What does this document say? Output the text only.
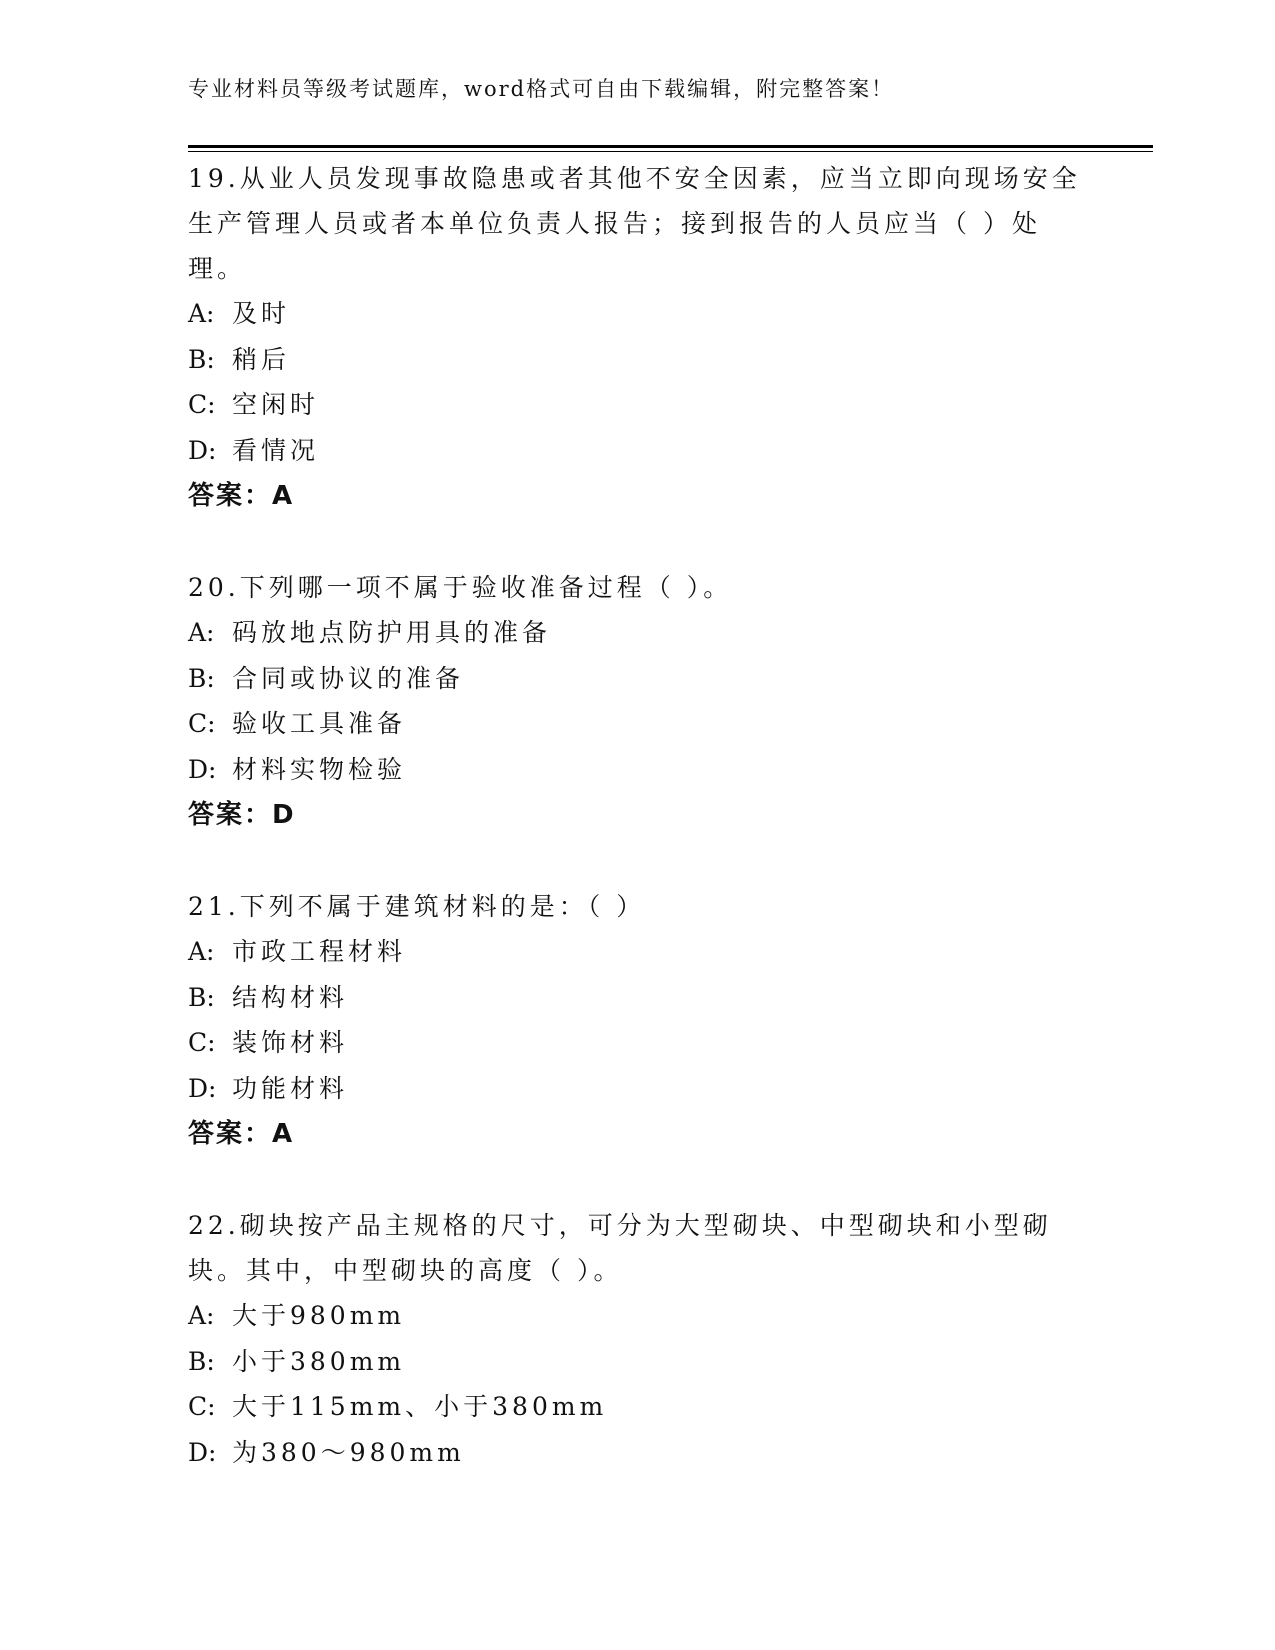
专业材料员等级考试题库，word格式可自由下载编辑，附完整答案！

19.从业人员发现事故隐患或者其他不安全因素，应当立即向现场安全生产管理人员或者本单位负责人报告；接到报告的人员应当（ ）处理。

A: 及时
B: 稍后
C: 空闲时
D: 看情况
答案：A

20.下列哪一项不属于验收准备过程（ ）。

A: 码放地点防护用具的准备
B: 合同或协议的准备
C: 验收工具准备
D: 材料实物检验
答案：D

21.下列不属于建筑材料的是：（ ）

A: 市政工程材料
B: 结构材料
C: 装饰材料
D: 功能材料
答案：A

22.砌块按产品主规格的尺寸，可分为大型砌块、中型砌块和小型砌块。其中，中型砌块的高度（ ）。

A: 大于980mm
B: 小于380mm
C: 大于115mm、小于380mm
D: 为380～980mm
